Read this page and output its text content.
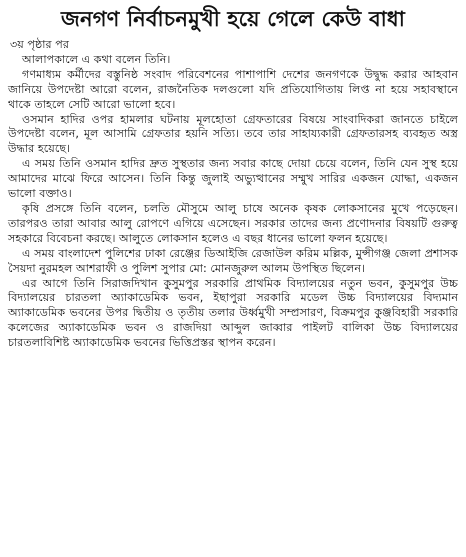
জনগণ নির্বাচনমুখী হয়ে গেলে কেউ বাধা

৩য় পৃষ্ঠার পর

আলাপকালে এ কথা বলেন তিনি।

গণমাধ্যম কর্মীদের বস্তুনিষ্ঠ সংবাদ পরিবেশনের পাশাপাশি দেশের জনগণকে উদ্বুদ্ধ করার আহবান জানিয়ে উপদেষ্টা আরো বলেন, রাজনৈতিক দলগুলো যদি প্রতিযোগিতায় লিপ্ত না হয়ে সহাবস্থানে থাকে তাহলে সেটি আরো ভালো হবে।

ওসমান হাদির ওপর হামলার ঘটনায় মূলহোতা গ্রেফতারের বিষয়ে সাংবাদিকরা জানতে চাইলে উপদেষ্টা বলেন, মূল আসামি গ্রেফতার হয়নি সত্যি। তবে তার সাহায্যকারী গ্রেফতারসহ ব্যবহৃত অস্ত্র উদ্ধার হয়েছে।

এ সময় তিনি ওসমান হাদির দ্রুত সুস্থতার জন্য সবার কাছে দোয়া চেয়ে বলেন, তিনি যেন সুস্থ হয়ে আমাদের মাঝে ফিরে আসেন। তিনি কিন্তু জুলাই অভ্যুত্থানের সম্মুখ সারির একজন যোদ্ধা, একজন ভালো বক্তাও।

কৃষি প্রসঙ্গে তিনি বলেন, চলতি মৌসুমে আলু চাষে অনেক কৃষক লোকসানের মুখে পড়েছেন। তারপরও তারা আবার আলু রোপণে এগিয়ে এসেছেন। সরকার তাদের জন্য প্রণোদনার বিষয়টি গুরুত্ব সহকারে বিবেচনা করছে। আলুতে লোকসান হলেও এ বছর ধানের ভালো ফলন হয়েছে।

এ সময় বাংলাদেশ পুলিশের ঢাকা রেঞ্জের ডিআইজি রেজাউল করিম মল্লিক, মুন্সীগঞ্জ জেলা প্রশাসক সৈয়দা নুরমহল আশরাফী ও পুলিশ সুপার মো: মোনজুরুল আলম উপস্থিত ছিলেন।

এর আগে তিনি সিরাজদিখান কুসুমপুর সরকারি প্রাথমিক বিদ্যালয়ের নতুন ভবন, কুসুমপুর উচ্চ বিদ্যালয়ের চারতলা অ্যাকাডেমিক ভবন, ইছাপুরা সরকারি মডেল উচ্চ বিদ্যালয়ের বিদ্যমান অ্যাকাডেমিক ভবনের উপর দ্বিতীয় ও তৃতীয় তলার উর্ধ্বমুখী সম্প্রসারণ, বিক্রমপুর কুঞ্জবিহারী সরকারি কলেজের অ্যাকাডেমিক ভবন ও রাজদিয়া আব্দুল জাব্বার পাইলট বালিকা উচ্চ বিদ্যালয়ের চারতলাবিশিষ্ট অ্যাকাডেমিক ভবনের ভিত্তিপ্রস্তর স্থাপন করেন।
